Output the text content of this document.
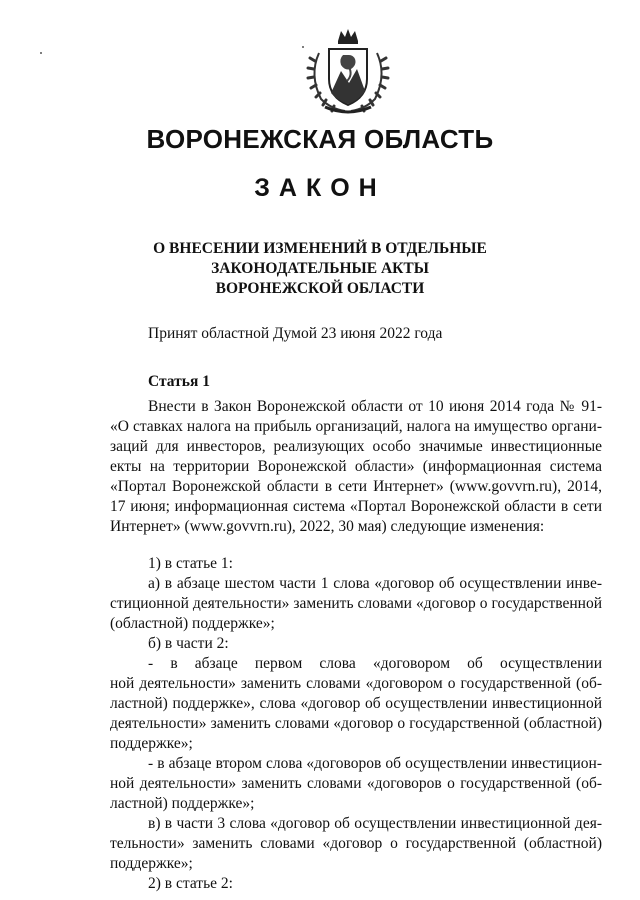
ВОРОНЕЖСКАЯ ОБЛАСТЬ
ЗАКОН
О ВНЕСЕНИИ ИЗМЕНЕНИЙ В ОТДЕЛЬНЫЕ
ЗАКОНОДАТЕЛЬНЫЕ АКТЫ
ВОРОНЕЖСКОЙ ОБЛАСТИ
Принят областной Думой 23 июня 2022 года
Статья 1
Внести в Закон Воронежской области от 10 июня 2014 года № 91-
«О ставках налога на прибыль организаций, налога на имущество органи-
заций для инвесторов, реализующих особо значимые инвестиционные
екты на территории Воронежской области» (информационная система
«Портал Воронежской области в сети Интернет» (www.govvrn.ru), 2014,
17 июня; информационная система «Портал Воронежской области в сети
Интернет» (www.govvrn.ru), 2022, 30 мая) следующие изменения:
1) в статье 1:
а) в абзаце шестом части 1 слова «договор об осуществлении инве-
стиционной деятельности» заменить словами «договор о государственной
(областной) поддержке»;
б) в части 2:
- в абзаце первом слова «договором об осуществлении
ной деятельности» заменить словами «договором о государственной (об-
ластной) поддержке», слова «договор об осуществлении инвестиционной
деятельности» заменить словами «договор о государственной (областной)
поддержке»;
- в абзаце втором слова «договоров об осуществлении инвестицион-
ной деятельности» заменить словами «договоров о государственной (об-
ластной) поддержке»;
в) в части 3 слова «договор об осуществлении инвестиционной дея-
тельности» заменить словами «договор о государственной (областной)
поддержке»;
2) в статье 2:
